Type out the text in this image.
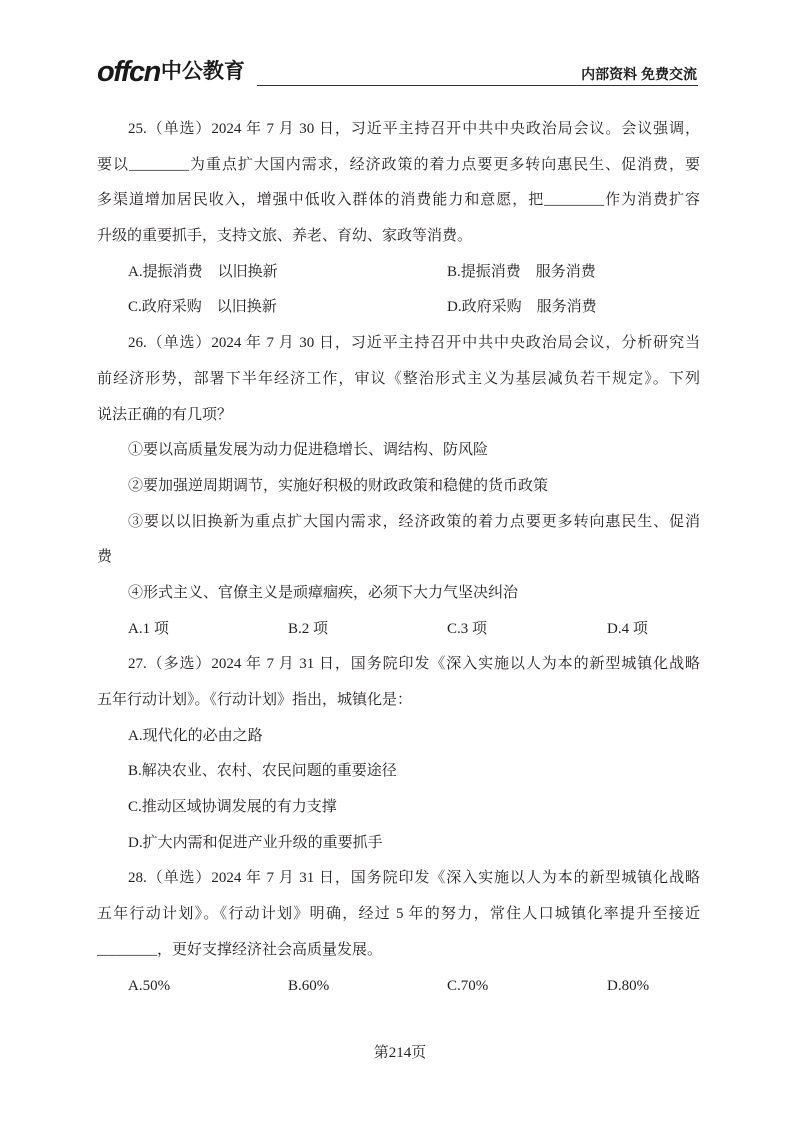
offcn中公教育	内部资料 免费交流
25.（单选）2024 年 7 月 30 日，习近平主持召开中共中央政治局会议。会议强调，
要以________为重点扩大国内需求，经济政策的着力点要更多转向惠民生、促消费，要
多渠道增加居民收入，增强中低收入群体的消费能力和意愿，把________作为消费扩容
升级的重要抓手，支持文旅、养老、育幼、家政等消费。
A.提振消费　以旧换新	B.提振消费　服务消费
C.政府采购　以旧换新	D.政府采购　服务消费
26.（单选）2024 年 7 月 30 日，习近平主持召开中共中央政治局会议，分析研究当
前经济形势，部署下半年经济工作，审议《整治形式主义为基层减负若干规定》。下列
说法正确的有几项？
①要以高质量发展为动力促进稳增长、调结构、防风险
②要加强逆周期调节，实施好积极的财政政策和稳健的货币政策
③要以以旧换新为重点扩大国内需求，经济政策的着力点要更多转向惠民生、促消
费
④形式主义、官僚主义是顽瘴痼疾，必须下大力气坚决纠治
A.1 项	B.2 项	C.3 项	D.4 项
27.（多选）2024 年 7 月 31 日，国务院印发《深入实施以人为本的新型城镇化战略
五年行动计划》。《行动计划》指出，城镇化是：
A.现代化的必由之路
B.解决农业、农村、农民问题的重要途径
C.推动区域协调发展的有力支撑
D.扩大内需和促进产业升级的重要抓手
28.（单选）2024 年 7 月 31 日，国务院印发《深入实施以人为本的新型城镇化战略
五年行动计划》。《行动计划》明确，经过 5 年的努力，常住人口城镇化率提升至接近
________，更好支撑经济社会高质量发展。
A.50%	B.60%	C.70%	D.80%
第214页
